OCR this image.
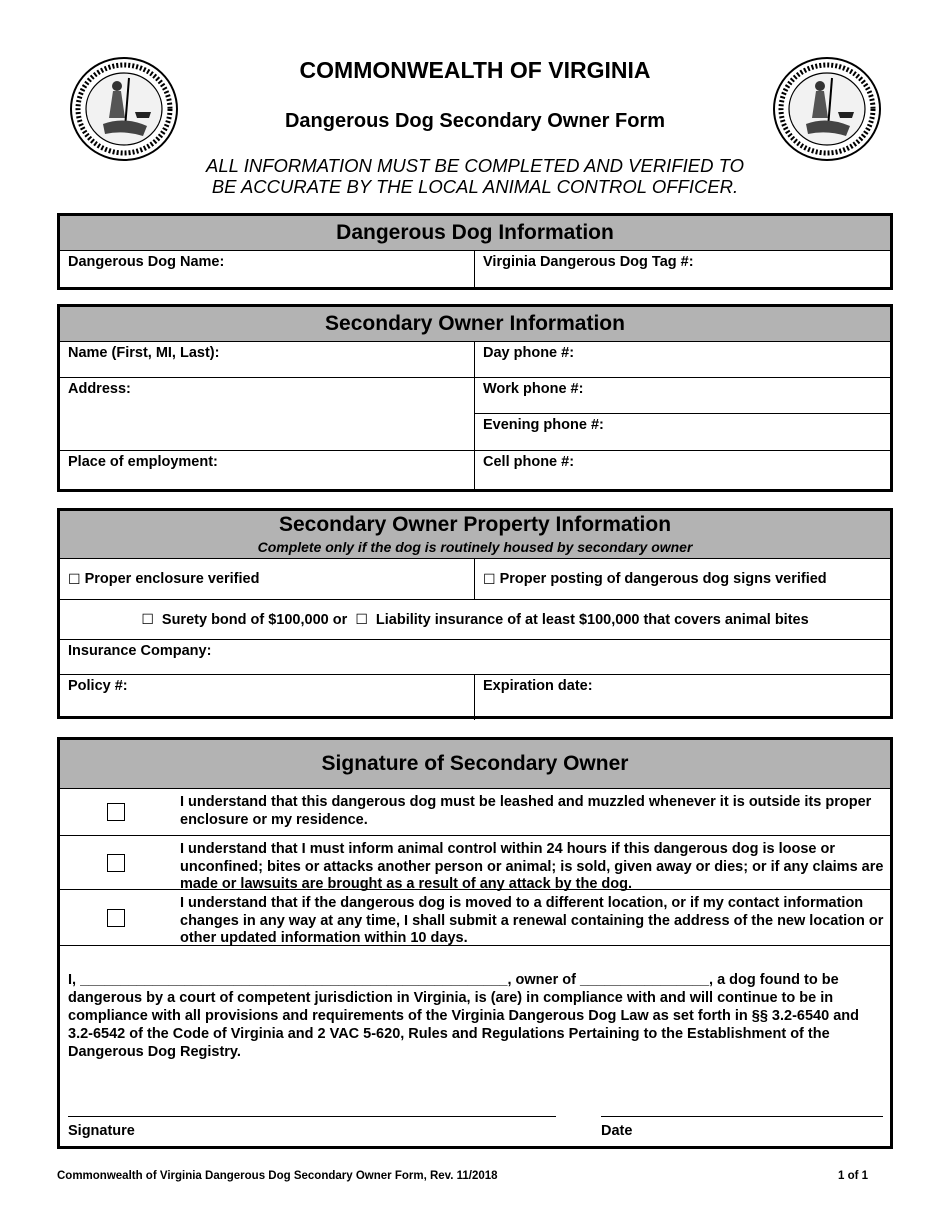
COMMONWEALTH OF VIRGINIA
Dangerous Dog Secondary Owner Form
ALL INFORMATION MUST BE COMPLETED AND VERIFIED TO
BE ACCURATE BY THE LOCAL ANIMAL CONTROL OFFICER.
Dangerous Dog Information
Dangerous Dog Name:	Virginia Dangerous Dog Tag #:
Secondary Owner Information
Name (First, MI, Last):	Day phone #:
Address:	Work phone #:
Evening phone #:
Place of employment:	Cell phone #:
Secondary Owner Property Information
Complete only if the dog is routinely housed by secondary owner
☐ Proper enclosure verified	☐ Proper posting of dangerous dog signs verified
☐ Surety bond of $100,000 or ☐ Liability insurance of at least $100,000 that covers animal bites
Insurance Company:
Policy #:	Expiration date:
Signature of Secondary Owner
I understand that this dangerous dog must be leashed and muzzled whenever it is outside its proper enclosure or my residence.
I understand that I must inform animal control within 24 hours if this dangerous dog is loose or unconfined; bites or attacks another person or animal; is sold, given away or dies; or if any claims are made or lawsuits are brought as a result of any attack by the dog.
I understand that if the dangerous dog is moved to a different location, or if my contact information changes in any way at any time, I shall submit a renewal containing the address of the new location or other updated information within 10 days.
I, _____________________________________________________, owner of ________________, a dog found to be dangerous by a court of competent jurisdiction in Virginia, is (are) in compliance with and will continue to be in compliance with all provisions and requirements of the Virginia Dangerous Dog Law as set forth in §§ 3.2-6540 and 3.2-6542 of the Code of Virginia and 2 VAC 5-620, Rules and Regulations Pertaining to the Establishment of the Dangerous Dog Registry.
Signature	Date
Commonwealth of Virginia Dangerous Dog Secondary Owner Form, Rev. 11/2018	1 of 1
